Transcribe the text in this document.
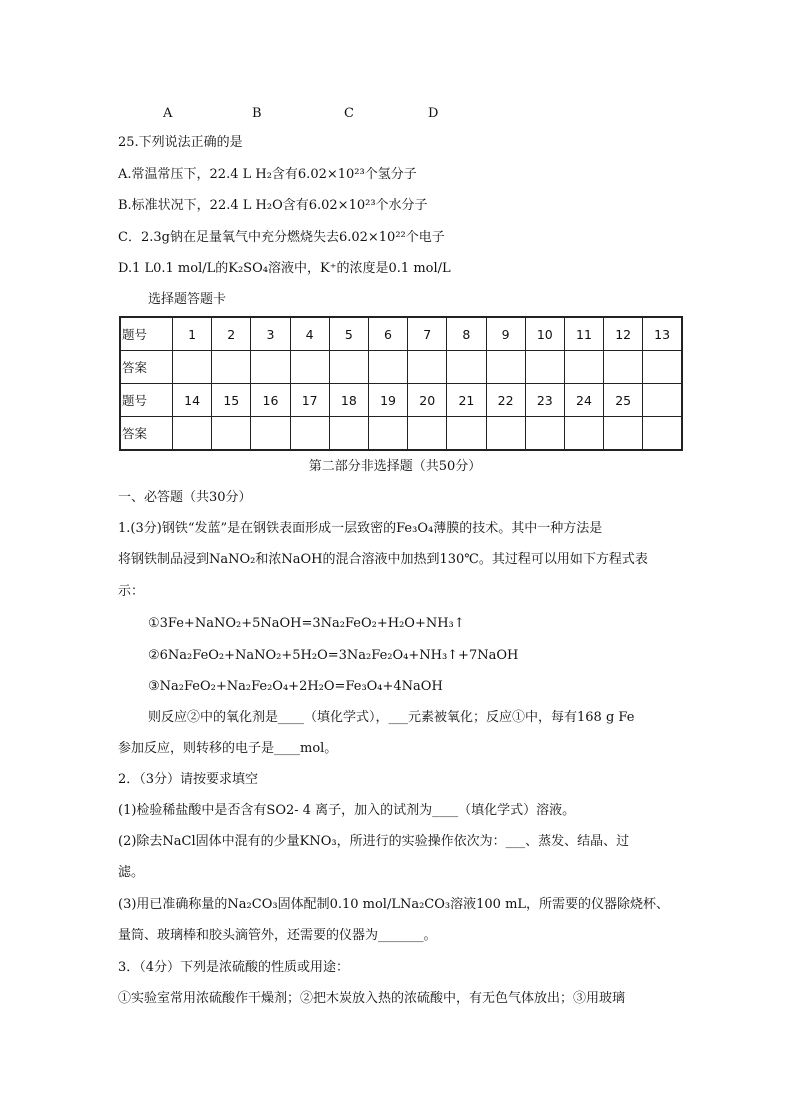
A	B	C	D
25.下列说法正确的是
A.常温常压下，22.4 L H₂含有6.02×10²³个氢分子
B.标准状况下，22.4 L H₂O含有6.02×10²³个水分子
C．2.3g钠在足量氧气中充分燃烧失去6.02×10²²个电子
D.1 L0.1 mol/L的K₂SO₄溶液中，K⁺的浓度是0.1 mol/L
选择题答题卡
题号	1	2	3	4	5	6	7	8	9	10	11	12	13
答案													
题号	14	15	16	17	18	19	20	21	22	23	24	25	
答案													
第二部分非选择题（共50分）
一、必答题（共30分）
1.(3分)钢铁“发蓝”是在钢铁表面形成一层致密的Fe₃O₄薄膜的技术。其中一种方法是
将钢铁制品浸到NaNO₂和浓NaOH的混合溶液中加热到130℃。其过程可以用如下方程式表
示：
①3Fe+NaNO₂+5NaOH=3Na₂FeO₂+H₂O+NH₃↑
②6Na₂FeO₂+NaNO₂+5H₂O=3Na₂Fe₂O₄+NH₃↑+7NaOH
③Na₂FeO₂+Na₂Fe₂O₄+2H₂O=Fe₃O₄+4NaOH
则反应②中的氧化剂是____（填化学式），___元素被氧化；反应①中，每有168 g Fe
参加反应，则转移的电子是____mol。
2．（3分）请按要求填空
(1)检验稀盐酸中是否含有SO2- 4 离子，加入的试剂为____（填化学式）溶液。
(2)除去NaCl固体中混有的少量KNO₃，所进行的实验操作依次为：___、蒸发、结晶、过
滤。
(3)用已准确称量的Na₂CO₃固体配制0.10 mol/LNa₂CO₃溶液100 mL，所需要的仪器除烧杯、
量筒、玻璃棒和胶头滴管外，还需要的仪器为_______。
3．（4分）下列是浓硫酸的性质或用途：
①实验室常用浓硫酸作干燥剂；②把木炭放入热的浓硫酸中，有无色气体放出；③用玻璃
